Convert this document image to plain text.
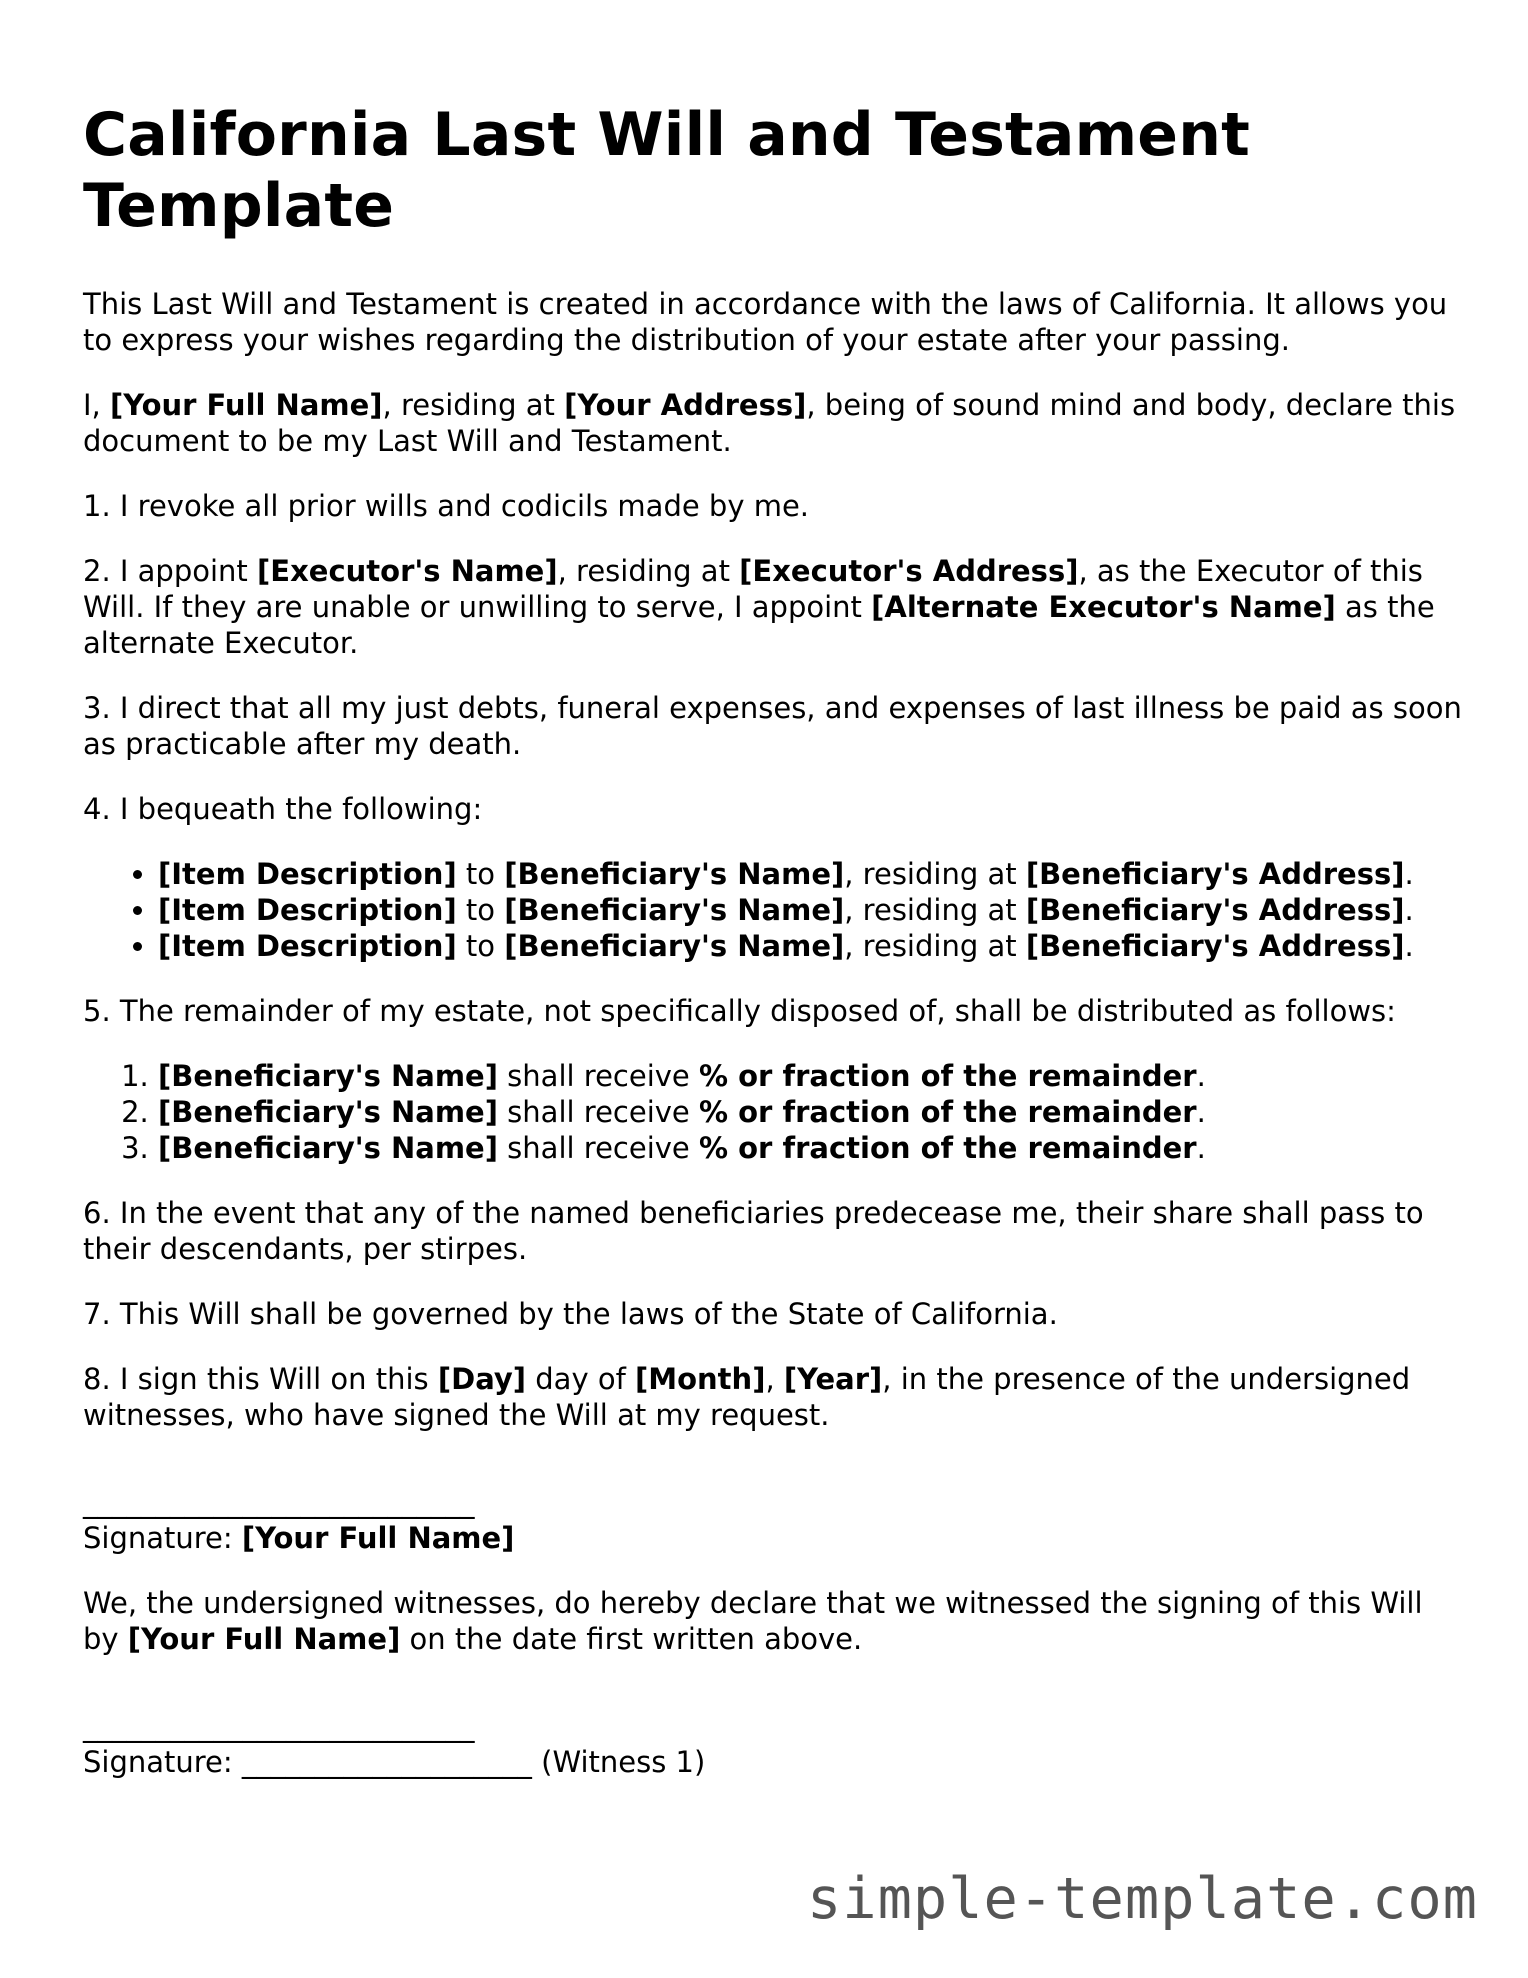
California Last Will and Testament Template

This Last Will and Testament is created in accordance with the laws of California. It allows you to express your wishes regarding the distribution of your estate after your passing.

I, [Your Full Name], residing at [Your Address], being of sound mind and body, declare this document to be my Last Will and Testament.

1. I revoke all prior wills and codicils made by me.

2. I appoint [Executor's Name], residing at [Executor's Address], as the Executor of this Will. If they are unable or unwilling to serve, I appoint [Alternate Executor's Name] as the alternate Executor.

3. I direct that all my just debts, funeral expenses, and expenses of last illness be paid as soon as practicable after my death.

4. I bequeath the following:

• [Item Description] to [Beneficiary's Name], residing at [Beneficiary's Address].
• [Item Description] to [Beneficiary's Name], residing at [Beneficiary's Address].
• [Item Description] to [Beneficiary's Name], residing at [Beneficiary's Address].

5. The remainder of my estate, not specifically disposed of, shall be distributed as follows:

1. [Beneficiary's Name] shall receive % or fraction of the remainder.
2. [Beneficiary's Name] shall receive % or fraction of the remainder.
3. [Beneficiary's Name] shall receive % or fraction of the remainder.

6. In the event that any of the named beneficiaries predecease me, their share shall pass to their descendants, per stirpes.

7. This Will shall be governed by the laws of the State of California.

8. I sign this Will on this [Day] day of [Month], [Year], in the presence of the undersigned witnesses, who have signed the Will at my request.

___________________________
Signature: [Your Full Name]

We, the undersigned witnesses, do hereby declare that we witnessed the signing of this Will by [Your Full Name] on the date first written above.

___________________________
Signature: ____________________ (Witness 1)
simple-template.com
